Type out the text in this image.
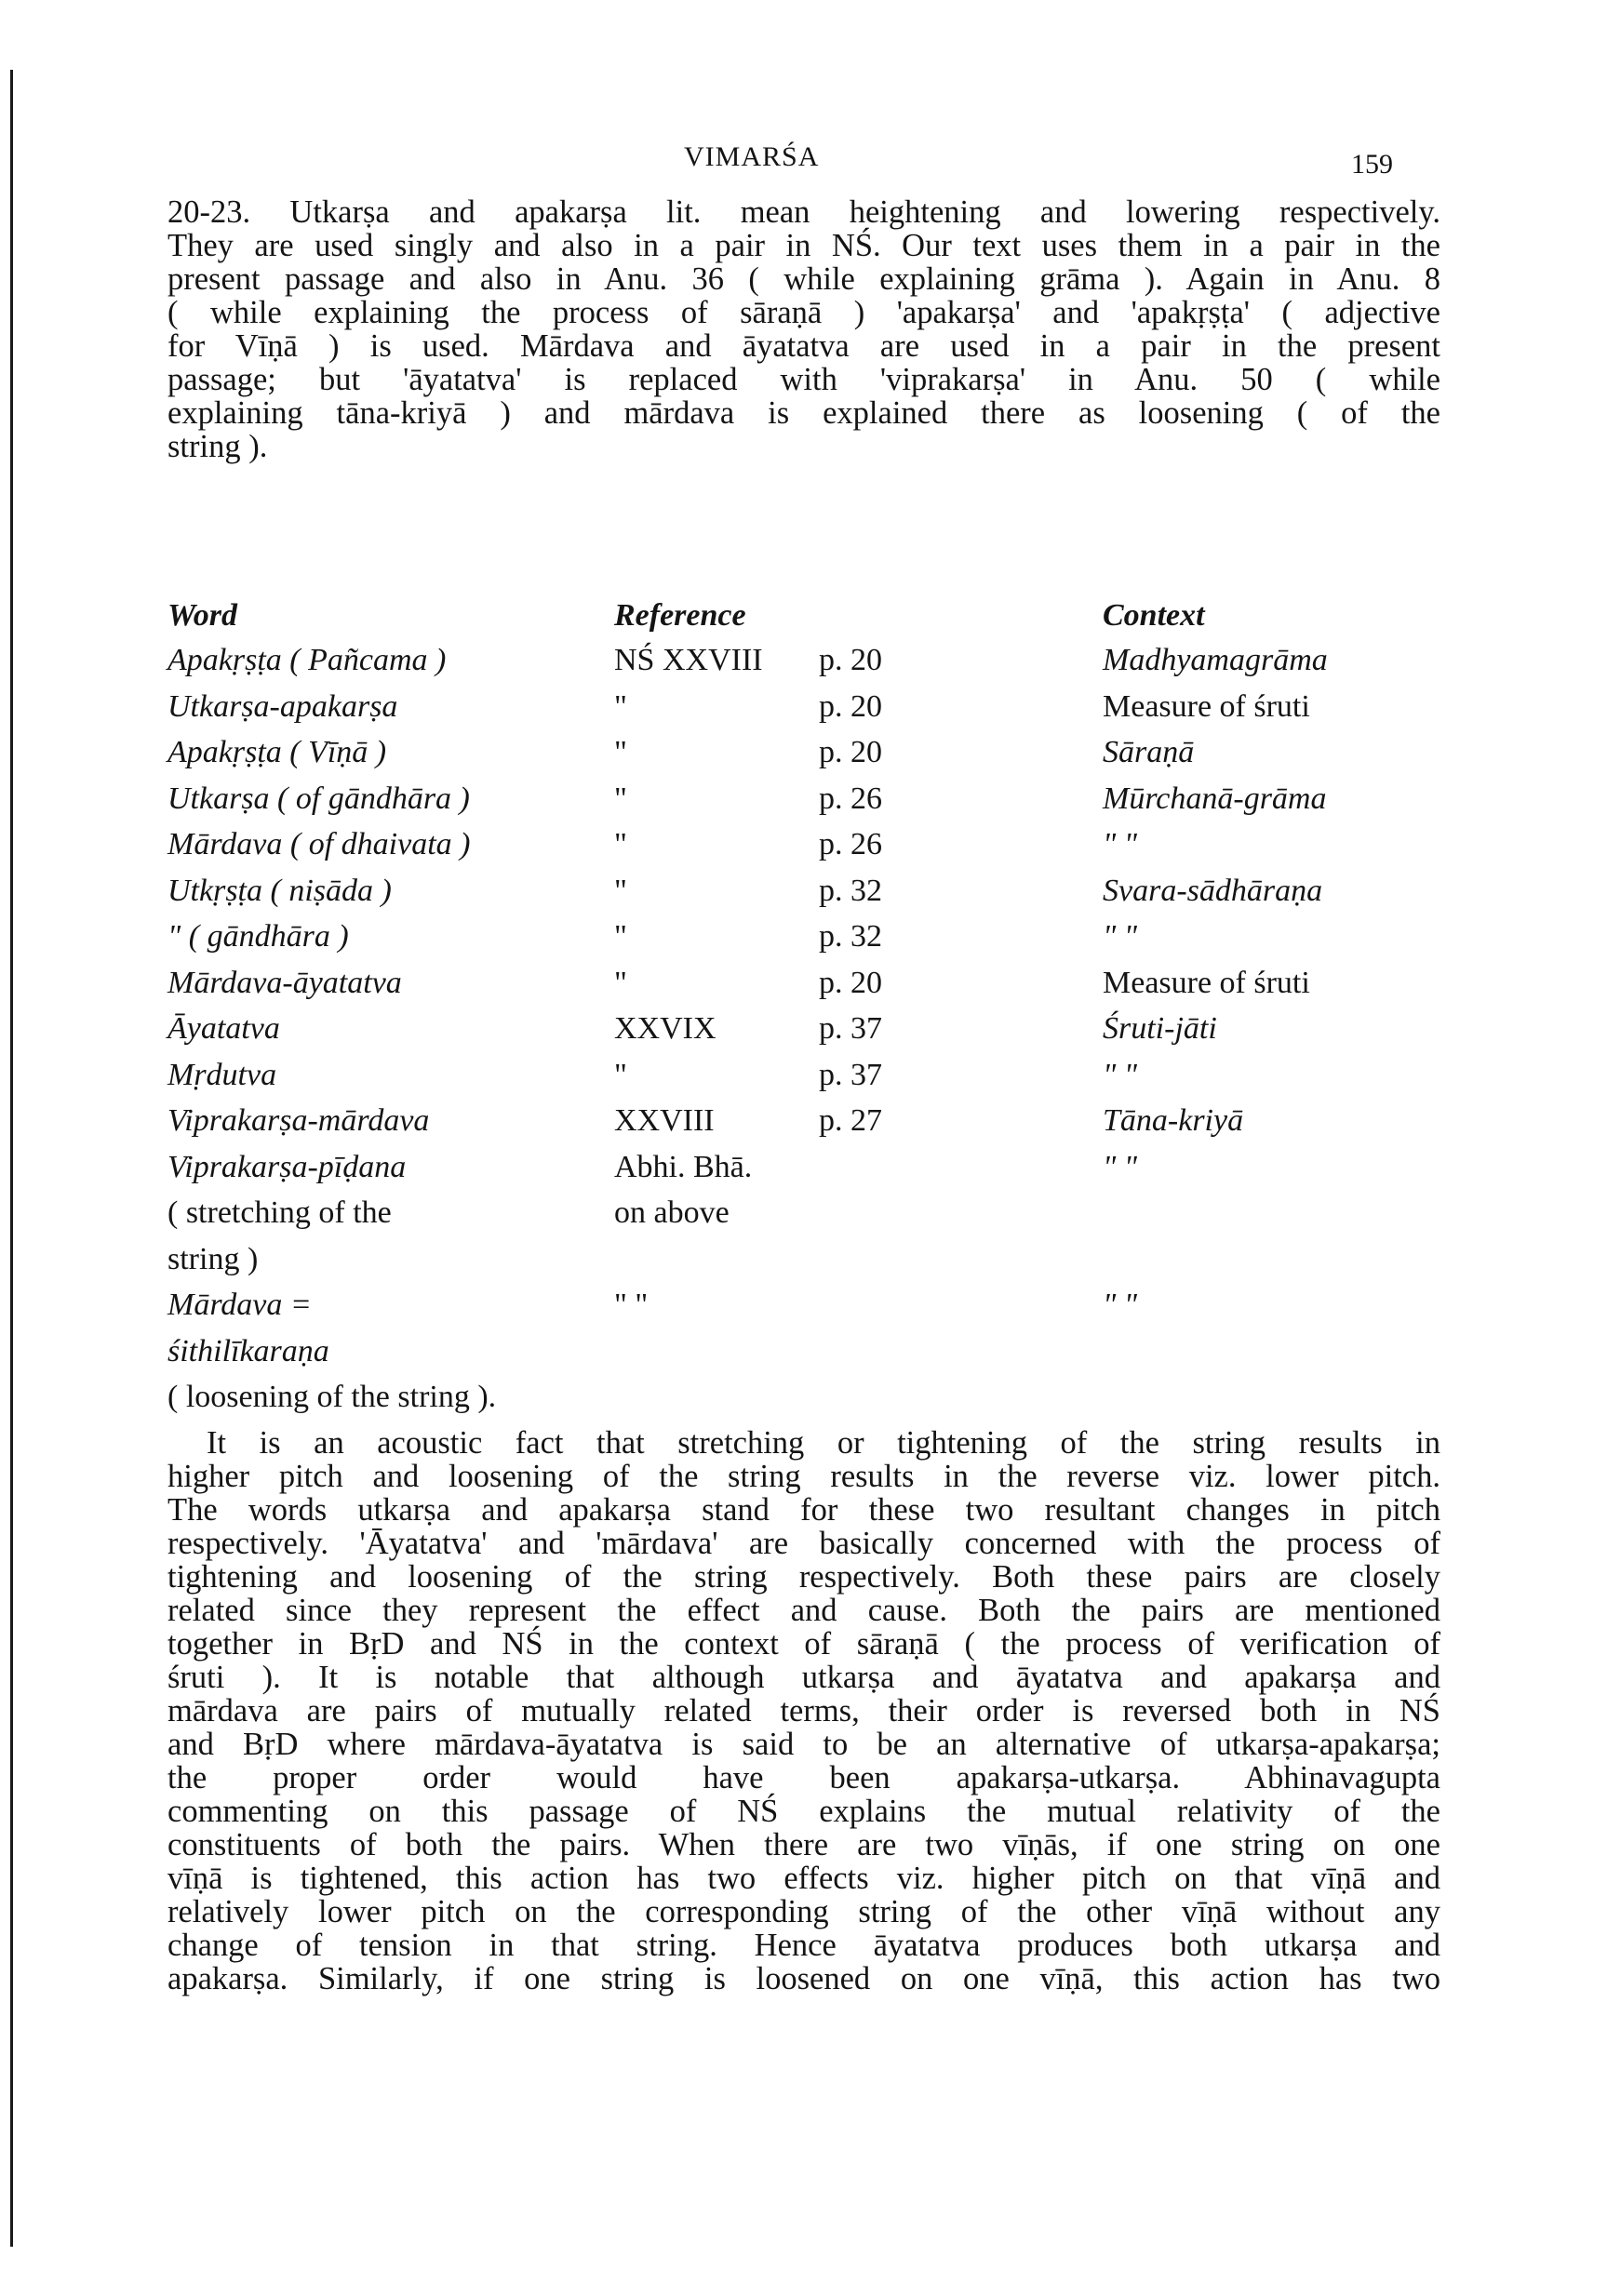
VIMARŚA	159
20-23. Utkarṣa and apakarṣa lit. mean heightening and lowering respectively.
They are used singly and also in a pair in NŚ. Our text uses them in a pair in the
present passage and also in Anu. 36 ( while explaining grāma ). Again in Anu. 8
( while explaining the process of sāraṇā ) 'apakarṣa' and 'apakṛṣṭa' ( adjective
for Vīṇā ) is used. Mārdava and āyatatva are used in a pair in the present
passage; but 'āyatatva' is replaced with 'viprakarṣa' in Anu. 50 ( while
explaining tāna-kriyā ) and mārdava is explained there as loosening ( of the
string ).
Word	Reference	Context
Apakṛṣṭa ( Pañcama )	NŚ XXVIII p. 20	Madhyamagrāma
Utkarṣa-apakarṣa	"	p. 20	Measure of śruti
Apakṛṣṭa ( Vīṇā )	"	p. 20	Sāraṇā
Utkarṣa ( of gāndhāra )	"	p. 26	Mūrchanā-grāma
Mārdava ( of dhaivata )	"	p. 26	" "
Utkṛṣṭa ( niṣāda )	"	p. 32	Svara-sādhāraṇa
" ( gāndhāra )	"	p. 32	" "
Mārdava-āyatatva	"	p. 20	Measure of śruti
Āyatatva	XXVIX	p. 37	Śruti-jāti
Mṛdutva	"	p. 37	" "
Viprakarṣa-mārdava	XXVIII	p. 27	Tāna-kriyā
Viprakarṣa-pīḍana	Abhi. Bhā.	" "
( stretching of the	on above
string )
Mārdava =	" "	" "
śithilīkaraṇa
( loosening of the string ).
It is an acoustic fact that stretching or tightening of the string results in
higher pitch and loosening of the string results in the reverse viz. lower pitch.
The words utkarṣa and apakarṣa stand for these two resultant changes in pitch
respectively. 'Āyatatva' and 'mārdava' are basically concerned with the process of
tightening and loosening of the string respectively. Both these pairs are closely
related since they represent the effect and cause. Both the pairs are mentioned
together in BṛD and NŚ in the context of sāraṇā ( the process of verification of
śruti ). It is notable that although utkarṣa and āyatatva and apakarṣa and
mārdava are pairs of mutually related terms, their order is reversed both in NŚ
and BṛD where mārdava-āyatatva is said to be an alternative of utkarṣa-apakarṣa;
the proper order would have been apakarṣa-utkarṣa. Abhinavagupta
commenting on this passage of NŚ explains the mutual relativity of the
constituents of both the pairs. When there are two vīṇās, if one string on one
vīṇā is tightened, this action has two effects viz. higher pitch on that vīṇā and
relatively lower pitch on the corresponding string of the other vīṇā without any
change of tension in that string. Hence āyatatva produces both utkarṣa and
apakarṣa. Similarly, if one string is loosened on one vīṇā, this action has two
